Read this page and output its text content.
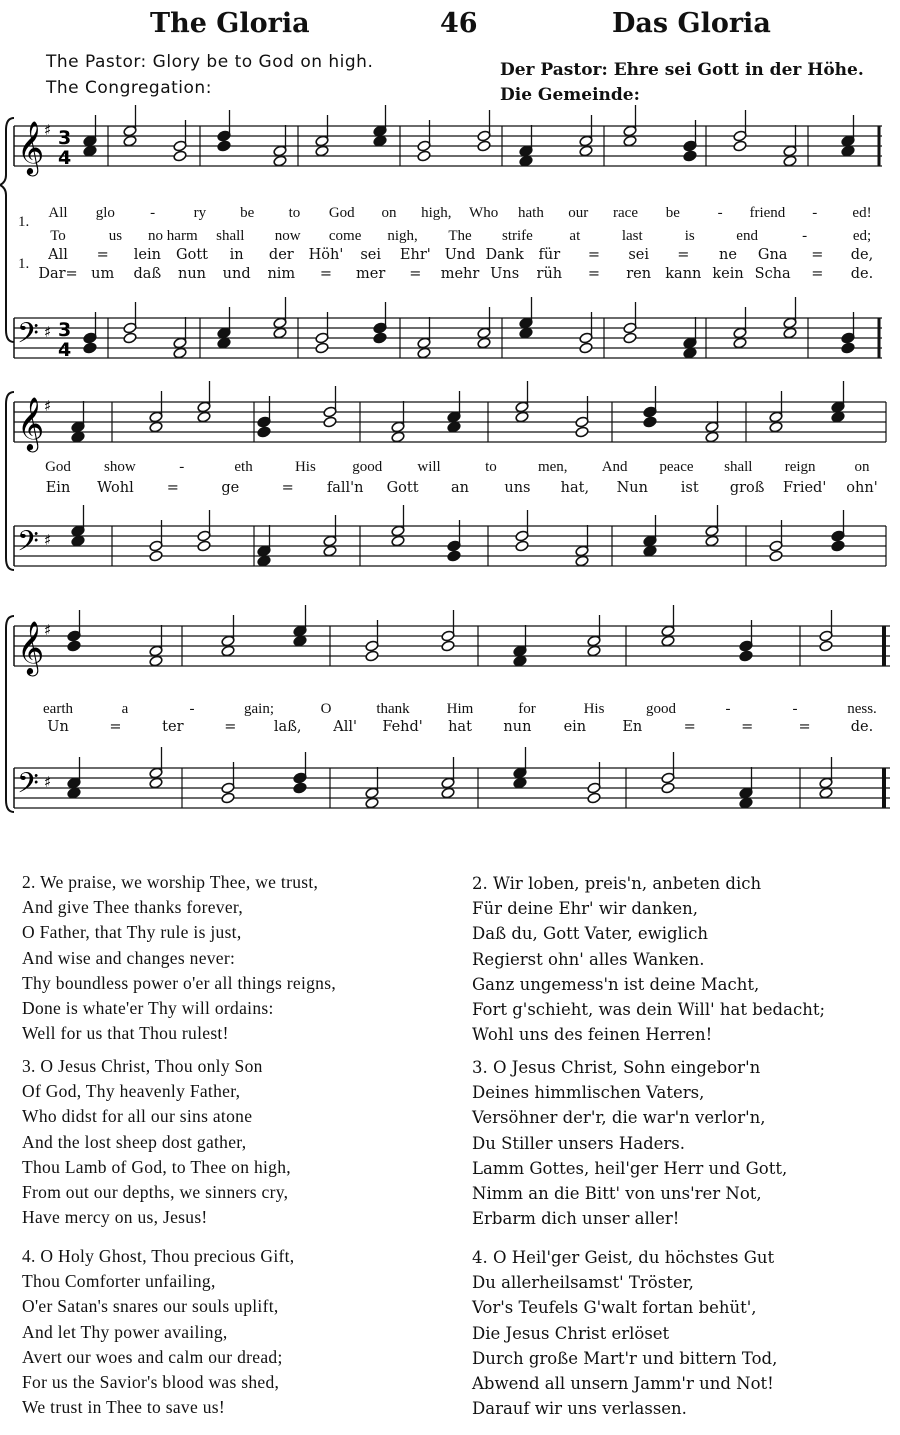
The Gloria	46	Das Gloria
The Pastor: Glory be to God on high.
The Congregation:
Der Pastor: Ehre sei Gott in der Höhe.
Die Gemeinde:
𝄞 ♯
𝄢 ♯
3
4
3
4
𝄞 ♯
𝄢 ♯
𝄞 ♯
𝄢 ♯
1.
1.
2. We praise, we worship Thee, we trust,
And give Thee thanks forever,
O Father, that Thy rule is just,
And wise and changes never:
Thy boundless power o'er all things reigns,
Done is whate'er Thy will ordains:
Well for us that Thou rulest!
3. O Jesus Christ, Thou only Son
Of God, Thy heavenly Father,
Who didst for all our sins atone
And the lost sheep dost gather,
Thou Lamb of God, to Thee on high,
From out our depths, we sinners cry,
Have mercy on us, Jesus!
4. O Holy Ghost, Thou precious Gift,
Thou Comforter unfailing,
O'er Satan's snares our souls uplift,
And let Thy power availing,
Avert our woes and calm our dread;
For us the Savior's blood was shed,
We trust in Thee to save us!
2. Wir loben, preis'n, anbeten dich
Für deine Ehr' wir danken,
Daß du, Gott Vater, ewiglich
Regierst ohn' alles Wanken.
Ganz ungemess'n ist deine Macht,
Fort g'schieht, was dein Will' hat bedacht;
Wohl uns des feinen Herren!
3. O Jesus Christ, Sohn eingebor'n
Deines himmlischen Vaters,
Versöhner der'r, die war'n verlor'n,
Du Stiller unsers Haders.
Lamm Gottes, heil'ger Herr und Gott,
Nimm an die Bitt' von uns'rer Not,
Erbarm dich unser aller!
4. O Heil'ger Geist, du höchstes Gut
Du allerheilsamst' Tröster,
Vor's Teufels G'walt fortan behüt',
Die Jesus Christ erlöset
Durch große Mart'r und bittern Tod,
Abwend all unsern Jamm'r und Not!
Darauf wir uns verlassen.
All glo -	ry be to God on high, Who hath our race be	- friend - ed!
To	us no harm shall now come nigh, The strife at	last	is	end	-	ed;
All = lein Gott in der Höh' sei Ehr' Und Dank für = sei = ne Gna = de,
Dar= um daß nun und nim = mer = mehr Uns rüh = ren kann kein Scha = de.
God show	-	eth	His good will	to	men, And peace shall reign	on
Ein Wohl =	ge	= fall'n Gott an uns hat, Nun ist groß Fried' ohn'
earth	a	-	gain;	O	thank Him	for	His	good	-	-	ness.
Un	=	ter	=	laß, All' Fehd' hat nun ein En	=	=	=	de.
